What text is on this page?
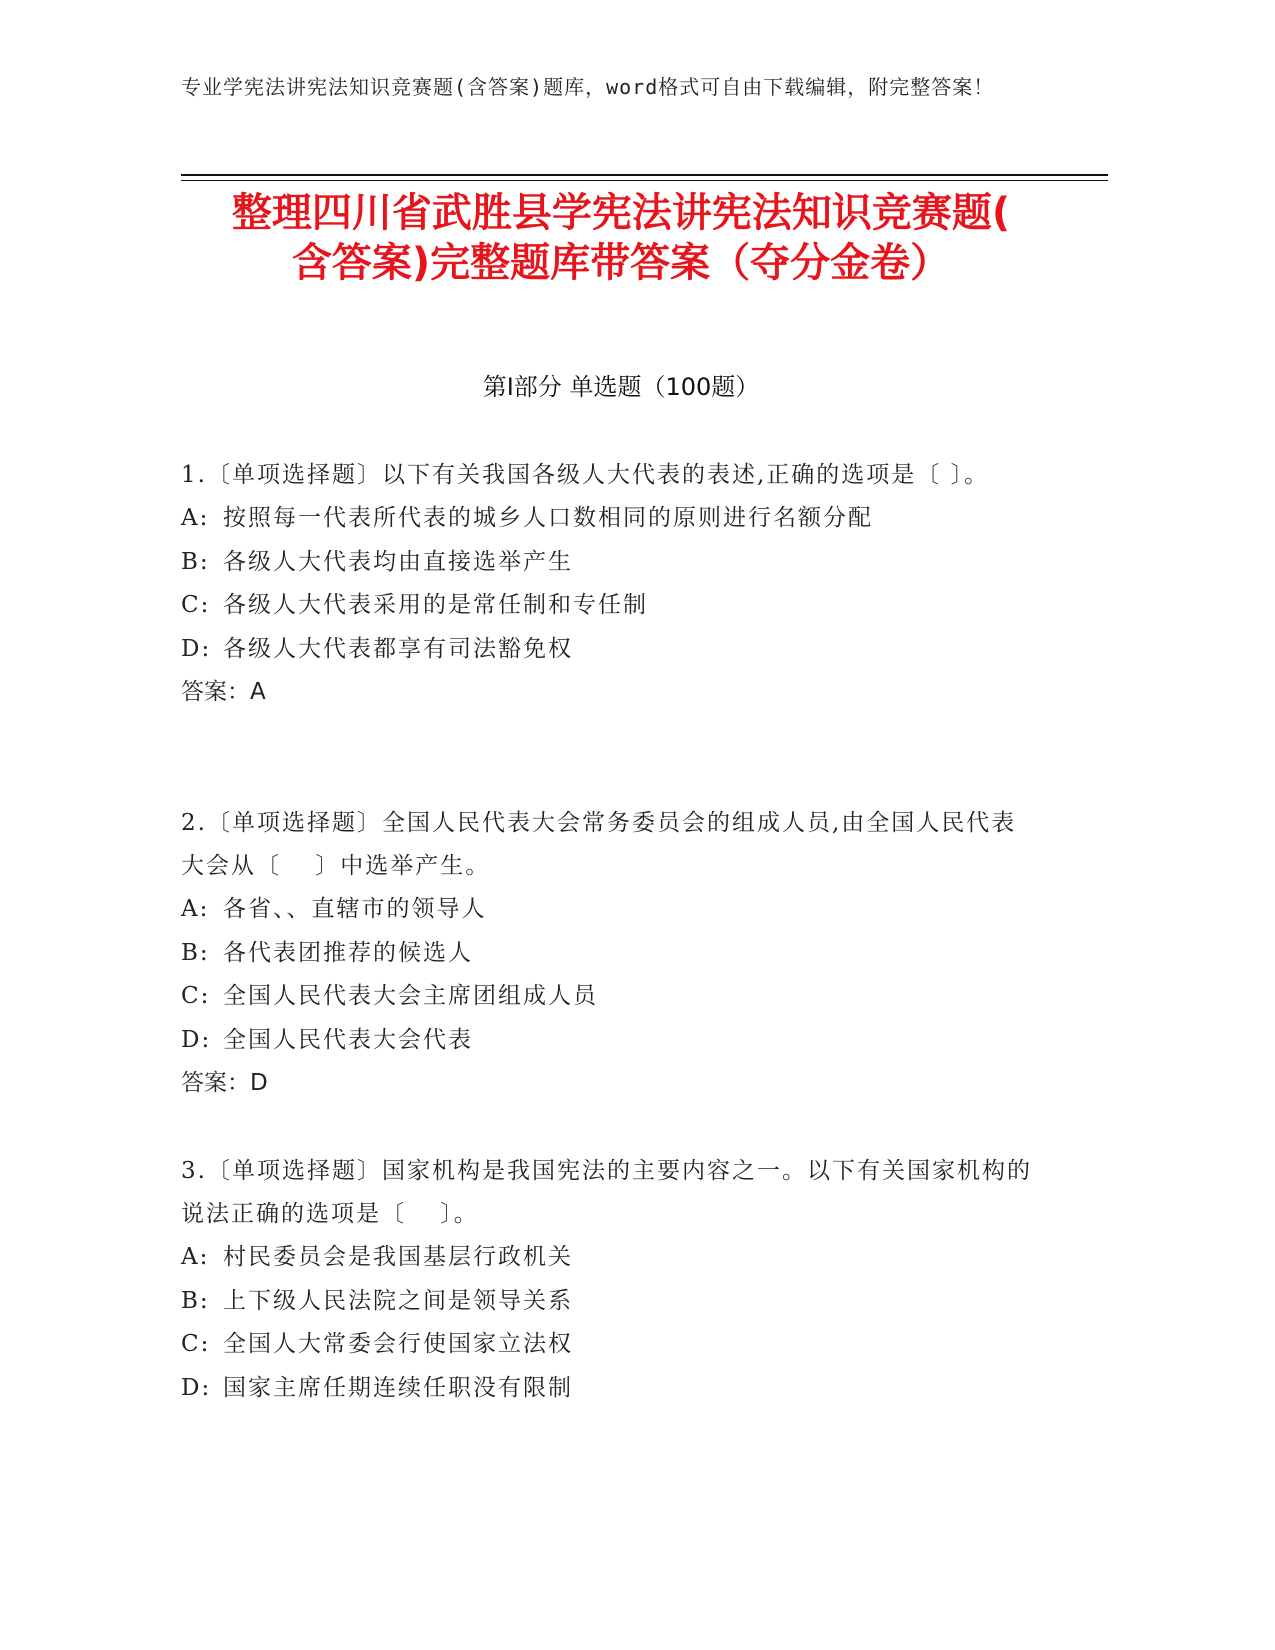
专业学宪法讲宪法知识竞赛题(含答案)题库，word格式可自由下载编辑，附完整答案！
整理四川省武胜县学宪法讲宪法知识竞赛题(
含答案)完整题库带答案（夺分金卷）
第Ⅰ部分 单选题（100题）

1.〔单项选择题〕以下有关我国各级人大代表的表述,正确的选项是〔 〕。

A: 按照每一代表所代表的城乡人口数相同的原则进行名额分配

B: 各级人大代表均由直接选举产生

C: 各级人大代表采用的是常任制和专任制

D: 各级人大代表都享有司法豁免权

答案：A

2.〔单项选择题〕全国人民代表大会常务委员会的组成人员,由全国人民代表大会从〔　 〕中选举产生。

A: 各省、、直辖市的领导人

B: 各代表团推荐的候选人

C: 全国人民代表大会主席团组成人员

D: 全国人民代表大会代表

答案：D

3.〔单项选择题〕国家机构是我国宪法的主要内容之一。以下有关国家机构的说法正确的选项是〔　 〕。

A: 村民委员会是我国基层行政机关

B: 上下级人民法院之间是领导关系

C: 全国人大常委会行使国家立法权

D: 国家主席任期连续任职没有限制
